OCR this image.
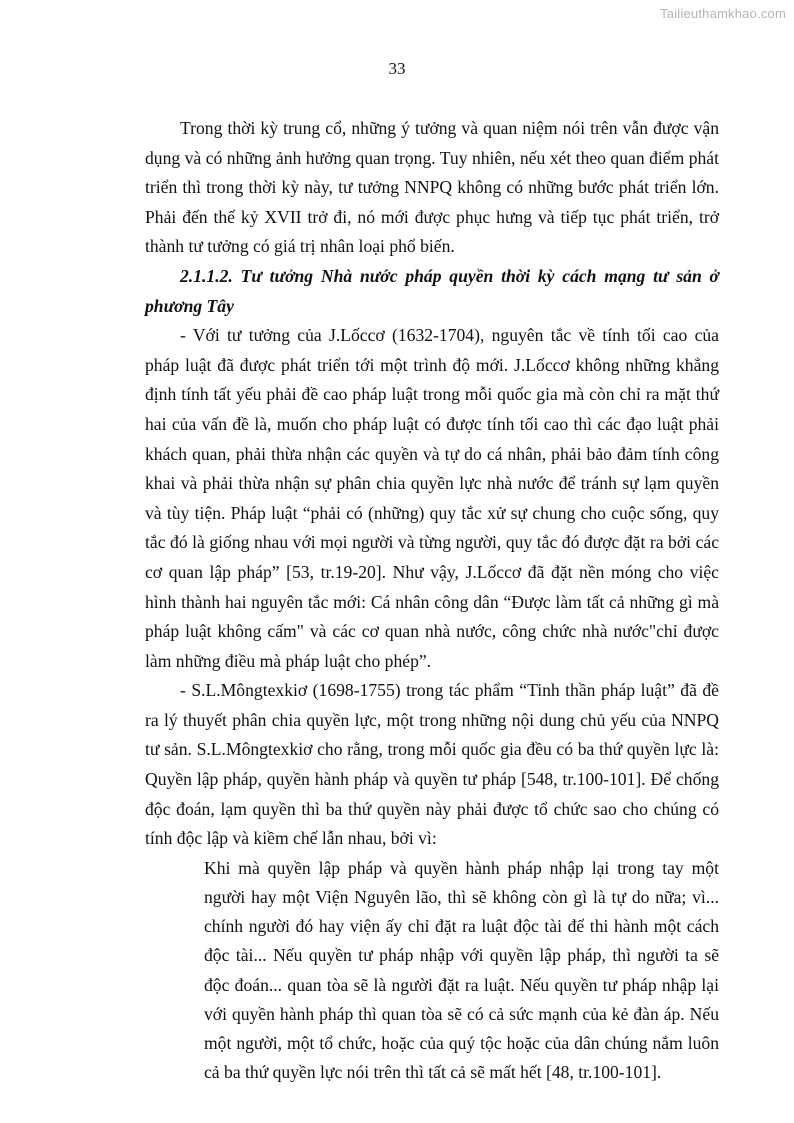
Tailieuthamkhao.com
33

Trong thời kỳ trung cổ, những ý tưởng và quan niệm nói trên vẫn được vận dụng và có những ảnh hưởng quan trọng. Tuy nhiên, nếu xét theo quan điểm phát triển thì trong thời kỳ này, tư tưởng NNPQ không có những bước phát triển lớn. Phải đến thế kỷ XVII trở đi, nó mới được phục hưng và tiếp tục phát triển, trở thành tư tưởng có giá trị nhân loại phổ biến.

2.1.1.2. Tư tưởng Nhà nước pháp quyền thời kỳ cách mạng tư sản ở phương Tây

- Với tư tưởng của J.Lốccơ (1632-1704), nguyên tắc về tính tối cao của pháp luật đã được phát triển tới một trình độ mới. J.Lốccơ không những khẳng định tính tất yếu phải đề cao pháp luật trong mỗi quốc gia mà còn chỉ ra mặt thứ hai của vấn đề là, muốn cho pháp luật có được tính tối cao thì các đạo luật phải khách quan, phải thừa nhận các quyền và tự do cá nhân, phải bảo đảm tính công khai và phải thừa nhận sự phân chia quyền lực nhà nước để tránh sự lạm quyền và tùy tiện. Pháp luật “phải có (những) quy tắc xử sự chung cho cuộc sống, quy tắc đó là giống nhau với mọi người và từng người, quy tắc đó được đặt ra bởi các cơ quan lập pháp” [53, tr.19-20]. Như vậy, J.Lốccơ đã đặt nền móng cho việc hình thành hai nguyên tắc mới: Cá nhân công dân “Được làm tất cả những gì mà pháp luật không cấm" và các cơ quan nhà nước, công chức nhà nước"chỉ được làm những điều mà pháp luật cho phép”.

- S.L.Môngtexkiơ (1698-1755) trong tác phẩm “Tinh thần pháp luật” đã đề ra lý thuyết phân chia quyền lực, một trong những nội dung chủ yếu của NNPQ tư sản. S.L.Môngtexkiơ cho rằng, trong mỗi quốc gia đều có ba thứ quyền lực là: Quyền lập pháp, quyền hành pháp và quyền tư pháp [548, tr.100-101]. Để chống độc đoán, lạm quyền thì ba thứ quyền này phải được tổ chức sao cho chúng có tính độc lập và kiềm chế lẫn nhau, bởi vì:

Khi mà quyền lập pháp và quyền hành pháp nhập lại trong tay một người hay một Viện Nguyên lão, thì sẽ không còn gì là tự do nữa; vì... chính người đó hay viện ấy chỉ đặt ra luật độc tài để thi hành một cách độc tài... Nếu quyền tư pháp nhập với quyền lập pháp, thì người ta sẽ độc đoán... quan tòa sẽ là người đặt ra luật. Nếu quyền tư pháp nhập lại với quyền hành pháp thì quan tòa sẽ có cả sức mạnh của kẻ đàn áp. Nếu một người, một tổ chức, hoặc của quý tộc hoặc của dân chúng nắm luôn cả ba thứ quyền lực nói trên thì tất cả sẽ mất hết [48, tr.100-101].
